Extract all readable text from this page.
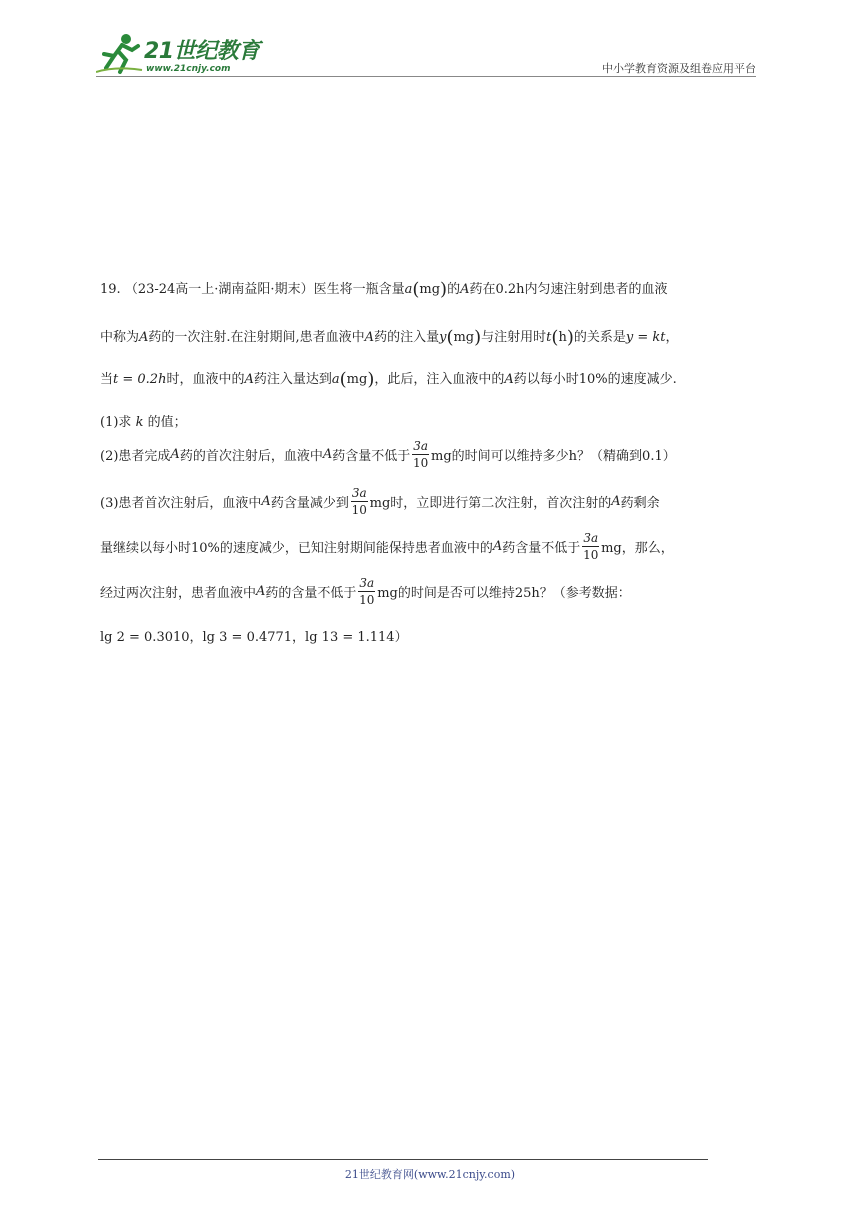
21世纪教育
www.21cnjy.com	中小学教育资源及组卷应用平台
19. （23-24高一上·湖南益阳·期末）医生将一瓶含量a(mg)的A药在0.2h内匀速注射到患者的血液
中称为A药的一次注射.在注射期间,患者血液中A药的注入量y(mg)与注射用时t(h)的关系是y = kt，
当t = 0.2h时，血液中的A药注入量达到a(mg)，此后，注入血液中的A药以每小时10%的速度减少.
(1)求 k 的值；
(2)患者完成A药的首次注射后，血液中A药含量不低于 $\frac{3a}{10}$ mg的时间可以维持多少h？（精确到0.1）
(3)患者首次注射后，血液中A药含量减少到 $\frac{3a}{10}$ mg时，立即进行第二次注射，首次注射的A药剩余
量继续以每小时10%的速度减少，已知注射期间能保持患者血液中的A药含量不低于 $\frac{3a}{10}$ mg，那么，
经过两次注射，患者血液中A药的含量不低于 $\frac{3a}{10}$ mg的时间是否可以维持25h？（参考数据：
lg 2 = 0.3010，lg 3 = 0.4771，lg 13 = 1.114）
21世纪教育网(www.21cnjy.com)
